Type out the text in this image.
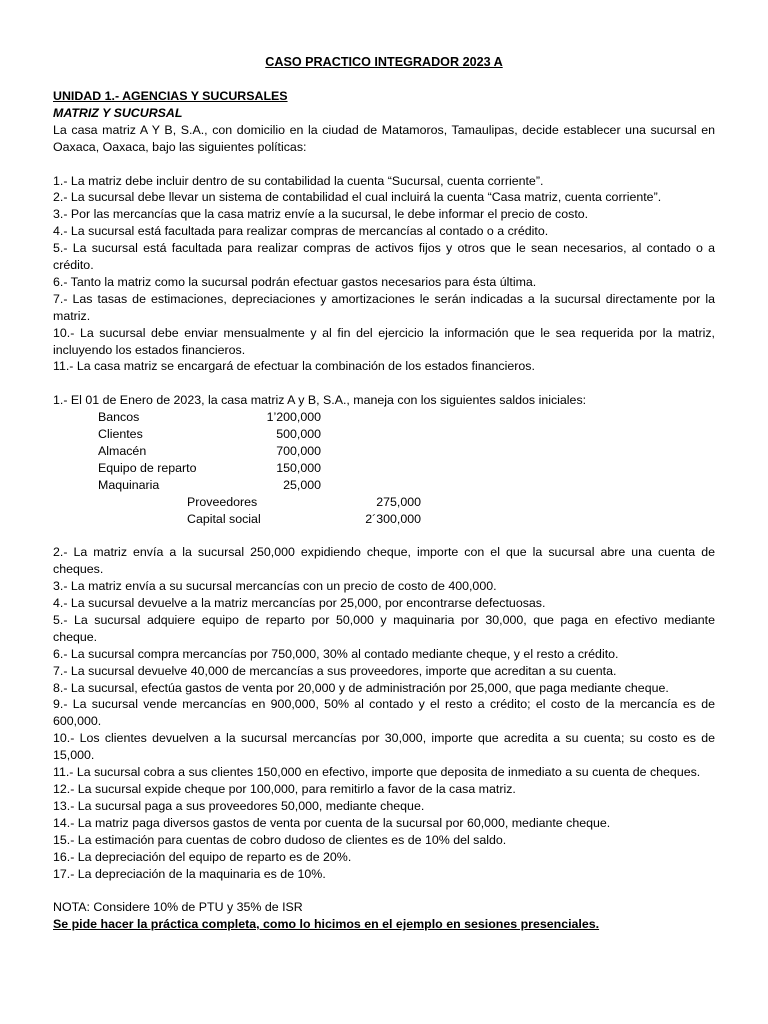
CASO PRACTICO INTEGRADOR 2023 A
UNIDAD 1.- AGENCIAS Y SUCURSALES
MATRIZ Y SUCURSAL
La casa matriz A Y B, S.A., con domicilio en la ciudad de Matamoros, Tamaulipas, decide establecer una sucursal en
Oaxaca, Oaxaca, bajo las siguientes políticas:
1.- La matriz debe incluir dentro de su contabilidad la cuenta “Sucursal, cuenta corriente”.
2.- La sucursal debe llevar un sistema de contabilidad el cual incluirá la cuenta “Casa matriz, cuenta corriente”.
3.- Por las mercancías que la casa matriz envíe a la sucursal, le debe informar el precio de costo.
4.- La sucursal está facultada para realizar compras de mercancías al contado o a crédito.
5.- La sucursal está facultada para realizar compras de activos fijos y otros que le sean necesarios, al contado o a
crédito.
6.- Tanto la matriz como la sucursal podrán efectuar gastos necesarios para ésta última.
7.- Las tasas de estimaciones, depreciaciones y amortizaciones le serán indicadas a la sucursal directamente por la
matriz.
10.- La sucursal debe enviar mensualmente y al fin del ejercicio la información que le sea requerida por la matriz,
incluyendo los estados financieros.
11.- La casa matriz se encargará de efectuar la combinación de los estados financieros.
1.- El 01 de Enero de 2023, la casa matriz A y B, S.A., maneja con los siguientes saldos iniciales:
Bancos	1’200,000
Clientes	500,000
Almacén	700,000
Equipo de reparto	150,000
Maquinaria	25,000
Proveedores	275,000
Capital social	2´300,000
2.- La matriz envía a la sucursal 250,000 expidiendo cheque, importe con el que la sucursal abre una cuenta de
cheques.
3.- La matriz envía a su sucursal mercancías con un precio de costo de 400,000.
4.- La sucursal devuelve a la matriz mercancías por 25,000, por encontrarse defectuosas.
5.- La sucursal adquiere equipo de reparto por 50,000 y maquinaria por 30,000, que paga en efectivo mediante
cheque.
6.- La sucursal compra mercancías por 750,000, 30% al contado mediante cheque, y el resto a crédito.
7.- La sucursal devuelve 40,000 de mercancías a sus proveedores, importe que acreditan a su cuenta.
8.- La sucursal, efectúa gastos de venta por 20,000 y de administración por 25,000, que paga mediante cheque.
9.- La sucursal vende mercancías en 900,000, 50% al contado y el resto a crédito; el costo de la mercancía es de
600,000.
10.- Los clientes devuelven a la sucursal mercancías por 30,000, importe que acredita a su cuenta; su costo es de
15,000.
11.- La sucursal cobra a sus clientes 150,000 en efectivo, importe que deposita de inmediato a su cuenta de cheques.
12.- La sucursal expide cheque por 100,000, para remitirlo a favor de la casa matriz.
13.- La sucursal paga a sus proveedores 50,000, mediante cheque.
14.- La matriz paga diversos gastos de venta por cuenta de la sucursal por 60,000, mediante cheque.
15.- La estimación para cuentas de cobro dudoso de clientes es de 10% del saldo.
16.- La depreciación del equipo de reparto es de 20%.
17.- La depreciación de la maquinaria es de 10%.
NOTA: Considere 10% de PTU y 35% de ISR
Se pide hacer la práctica completa, como lo hicimos en el ejemplo en sesiones presenciales.
